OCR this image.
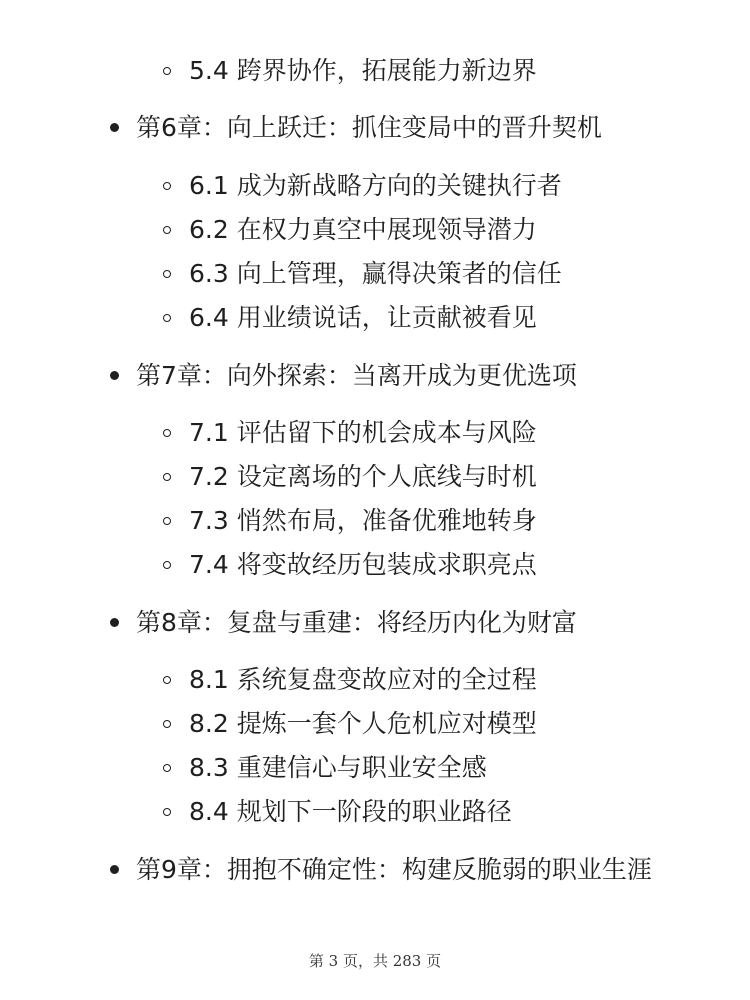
5.4 跨界协作，拓展能力新边界
第6章：向上跃迁：抓住变局中的晋升契机
6.1 成为新战略方向的关键执行者
6.2 在权力真空中展现领导潜力
6.3 向上管理，赢得决策者的信任
6.4 用业绩说话，让贡献被看见
第7章：向外探索：当离开成为更优选项
7.1 评估留下的机会成本与风险
7.2 设定离场的个人底线与时机
7.3 悄然布局，准备优雅地转身
7.4 将变故经历包装成求职亮点
第8章：复盘与重建：将经历内化为财富
8.1 系统复盘变故应对的全过程
8.2 提炼一套个人危机应对模型
8.3 重建信心与职业安全感
8.4 规划下一阶段的职业路径
第9章：拥抱不确定性：构建反脆弱的职业生涯
第 3 页，共 283 页
